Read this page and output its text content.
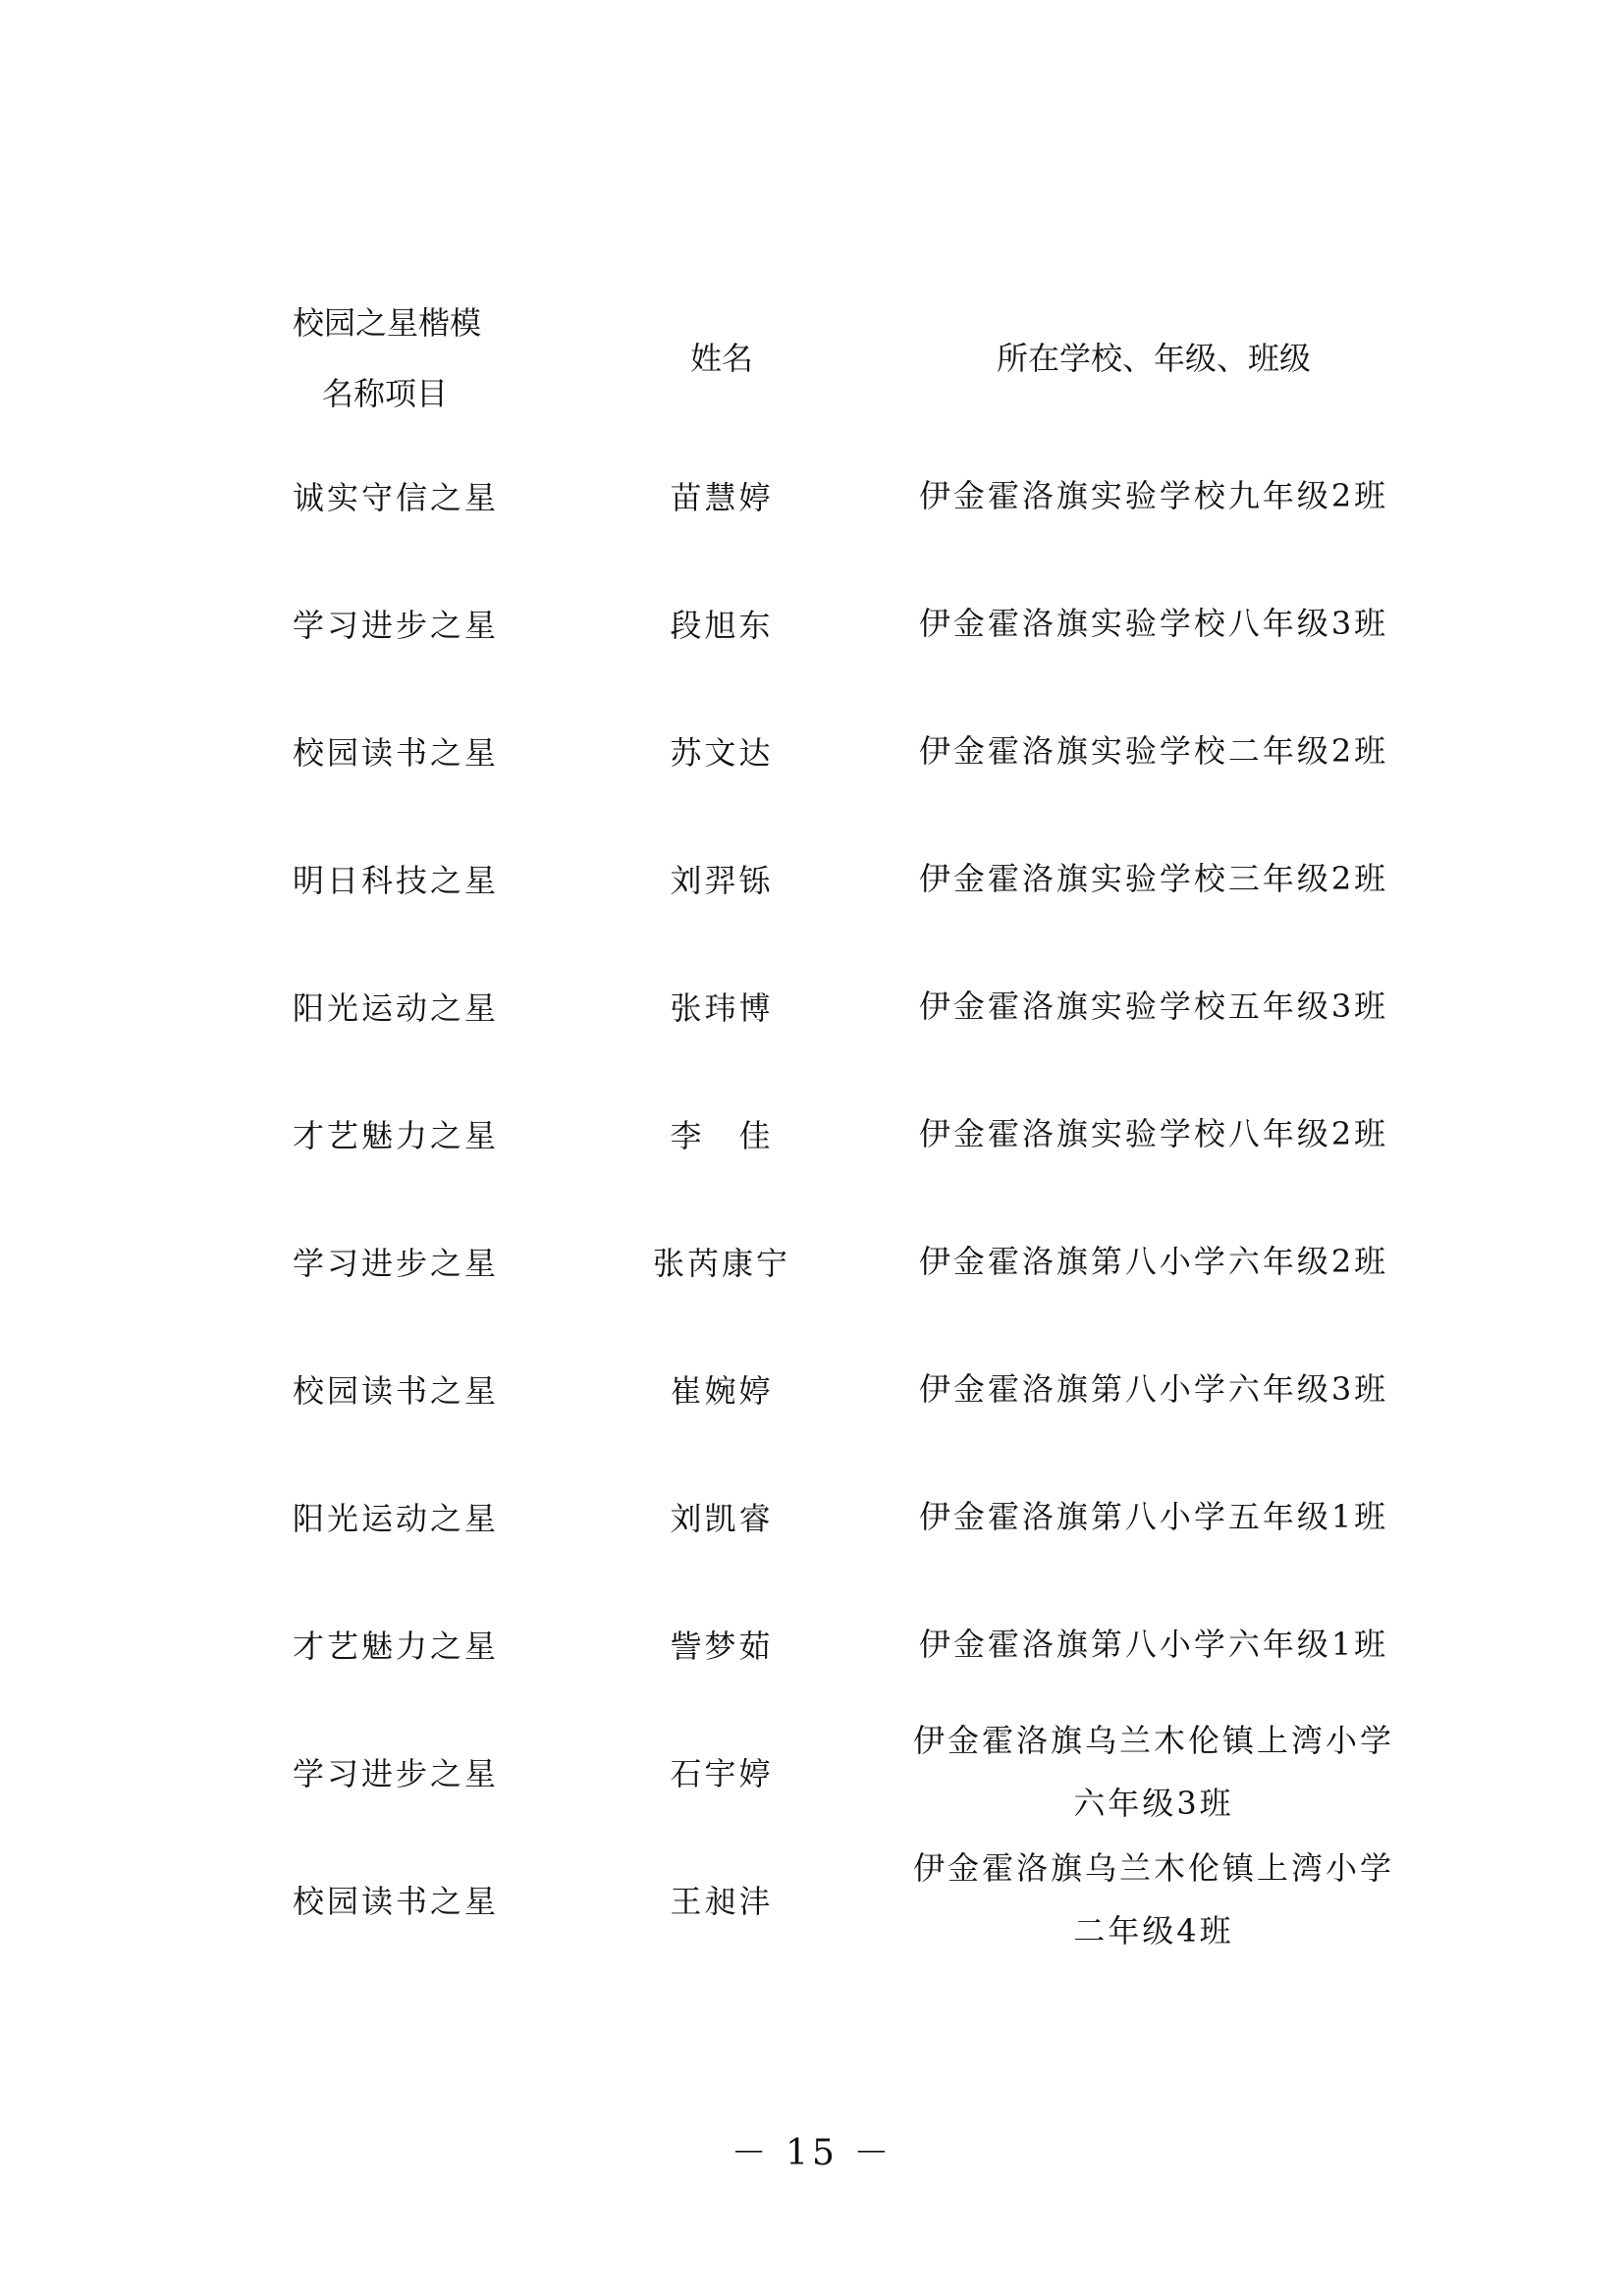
校园之星楷模
名称项目	姓名	所在学校、年级、班级
诚实守信之星	苗慧婷	伊金霍洛旗实验学校九年级2班
学习进步之星	段旭东	伊金霍洛旗实验学校八年级3班
校园读书之星	苏文达	伊金霍洛旗实验学校二年级2班
明日科技之星	刘羿铄	伊金霍洛旗实验学校三年级2班
阳光运动之星	张玮博	伊金霍洛旗实验学校五年级3班
才艺魅力之星	李　佳	伊金霍洛旗实验学校八年级2班
学习进步之星	张芮康宁	伊金霍洛旗第八小学六年级2班
校园读书之星	崔婉婷	伊金霍洛旗第八小学六年级3班
阳光运动之星	刘凯睿	伊金霍洛旗第八小学五年级1班
才艺魅力之星	訾梦茹	伊金霍洛旗第八小学六年级1班
学习进步之星	石宇婷	伊金霍洛旗乌兰木伦镇上湾小学
六年级3班

校园读书之星	王昶沣	伊金霍洛旗乌兰木伦镇上湾小学
二年级4班
－ 15 －
